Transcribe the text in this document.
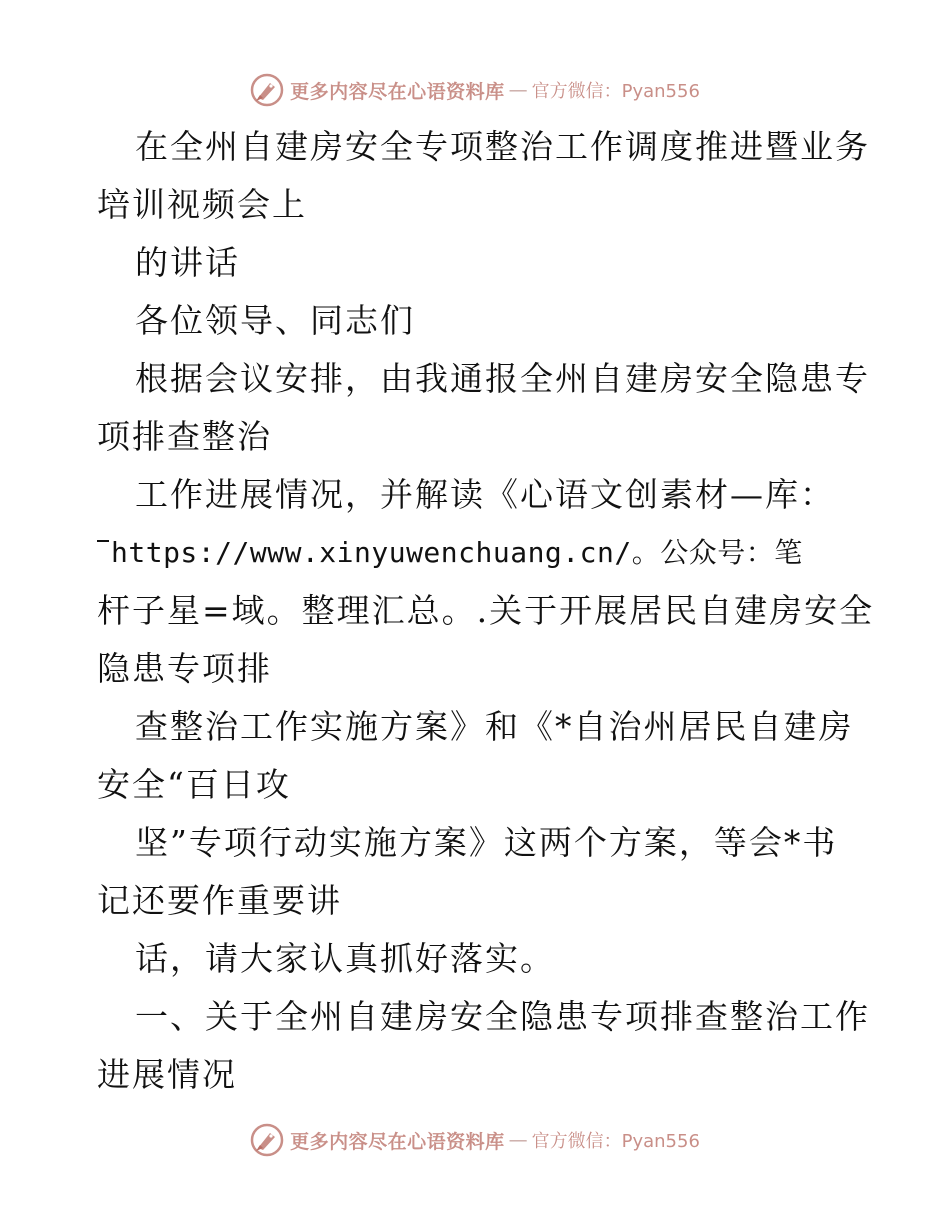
更多内容尽在心语资料库 — 官方微信：Pyan556
在全州自建房安全专项整治工作调度推进暨业务
培训视频会上
的讲话
各位领导、同志们
根据会议安排，由我通报全州自建房安全隐患专
项排查整治
工作进展情况，并解读《心语文创素材—库：
https://www.xinyuwenchuang.cn/。公众号：笔
杆子星=域。整理汇总。.关于开展居民自建房安全
隐患专项排
查整治工作实施方案》和《*自治州居民自建房
安全“百日攻
坚”专项行动实施方案》这两个方案，等会*书
记还要作重要讲
话，请大家认真抓好落实。
一、关于全州自建房安全隐患专项排查整治工作
进展情况
更多内容尽在心语资料库 — 官方微信：Pyan556
